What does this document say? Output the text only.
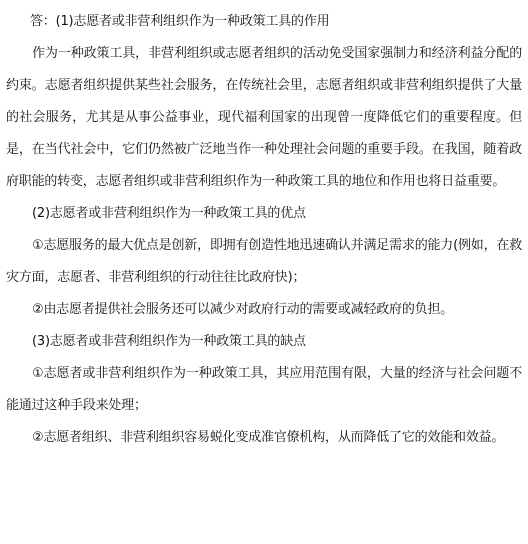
答：(1)志愿者或非营利组织作为一种政策工具的作用

作为一种政策工具，非营利组织或志愿者组织的活动免受国家强制力和经济利益分配的约束。志愿者组织提供某些社会服务，在传统社会里，志愿者组织或非营利组织提供了大量的社会服务，尤其是从事公益事业，现代福利国家的出现曾一度降低它们的重要程度。但是，在当代社会中，它们仍然被广泛地当作一种处理社会问题的重要手段。在我国，随着政府职能的转变，志愿者组织或非营利组织作为一种政策工具的地位和作用也将日益重要。

(2)志愿者或非营利组织作为一种政策工具的优点

①志愿服务的最大优点是创新，即拥有创造性地迅速确认并满足需求的能力(例如，在救灾方面，志愿者、非营利组织的行动往往比政府快)；

②由志愿者提供社会服务还可以减少对政府行动的需要或减轻政府的负担。

(3)志愿者或非营利组织作为一种政策工具的缺点

①志愿者或非营利组织作为一种政策工具，其应用范围有限，大量的经济与社会问题不能通过这种手段来处理；

②志愿者组织、非营利组织容易蜕化变成准官僚机构，从而降低了它的效能和效益。
